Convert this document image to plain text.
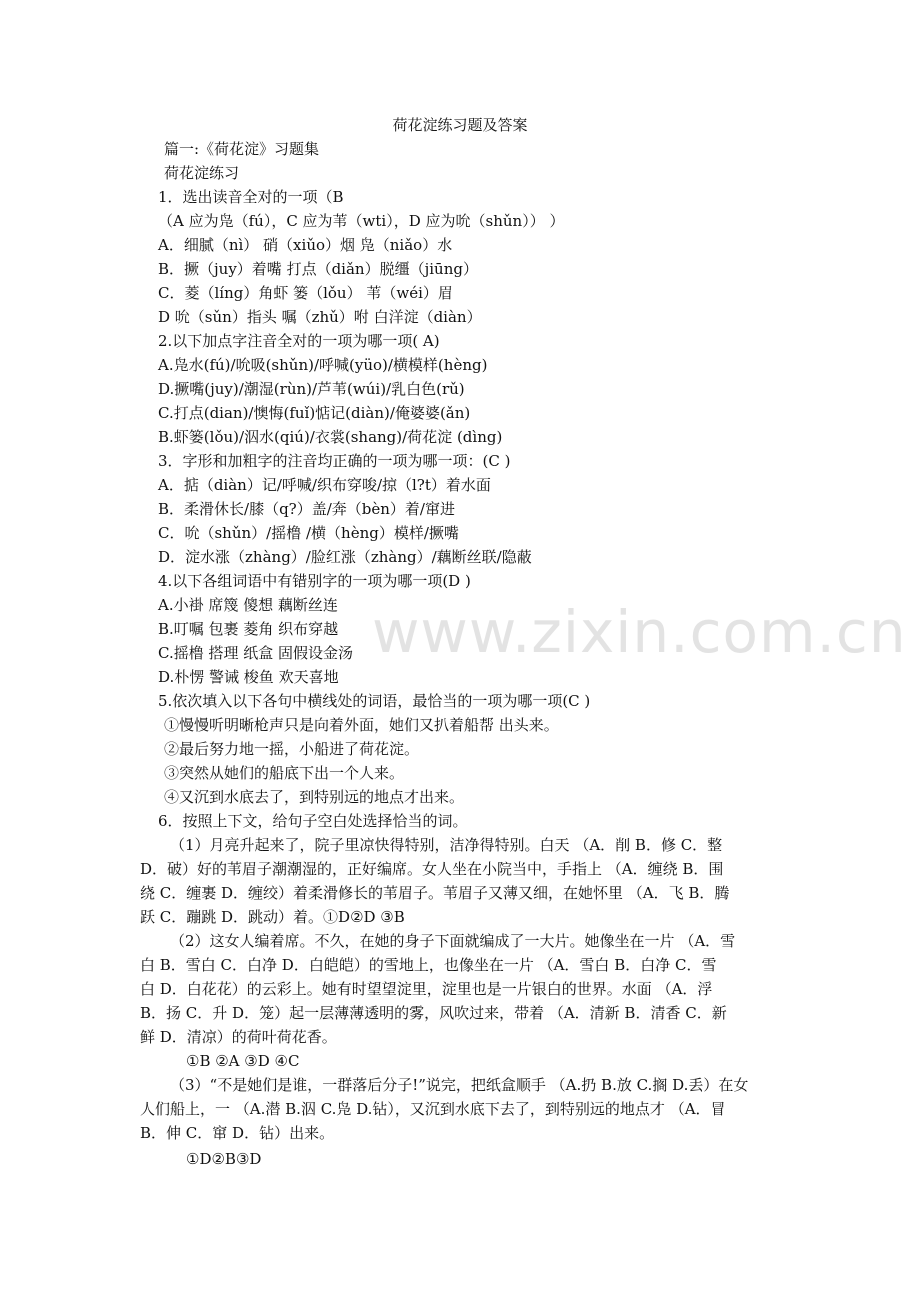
荷花淀练习题及答案
www.zixin.com.cn
篇一:《荷花淀》习题集
荷花淀练习
1．选出读音全对的一项（B
（A 应为凫（fú），C 应为苇（wti），D 应为吮（shǔn）） ）
A．细腻（nì） 硝（xiǔo）烟 凫（niǎo）水
B．撅（juy）着嘴 打点（diǎn）脱缰（jiūng）
C．菱（líng）角虾 篓（lǒu） 苇（wéi）眉
D 吮（sǔn）指头 嘱（zhǔ）咐 白洋淀（diàn）
2.以下加点字注音全对的一项为哪一项( A)
A.凫水(fú)/吮吸(shǔn)/呼喊(yüo)/横模样(hèng)
D.撅嘴(juy)/潮湿(rùn)/芦苇(wúi)/乳白色(rǔ)
C.打点(dian)/懊悔(fuǐ)惦记(diàn)/俺婆婆(ǎn)
B.虾篓(lǒu)/泅水(qiú)/衣裳(shang)/荷花淀 (dìng)
3．字形和加粗字的注音均正确的一项为哪一项：(C )
A．掂（diàn）记/呼喊/织布穿唆/掠（l?t）着水面
B．柔滑休长/膝（q?）盖/奔（bèn）着/窜进
C．吮（shǔn）/摇橹 /横（hèng）模样/撅嘴
D．淀水涨（zhàng）/脸红涨（zhàng）/藕断丝联/隐蔽
4.以下各组词语中有错别字的一项为哪一项(D )
A.小褂 席篾 傻想 藕断丝连
B.叮嘱 包裹 菱角 织布穿越
C.摇橹 搭理 纸盒 固假设金汤
D.朴愣 警诫 梭鱼 欢天喜地
5.依次填入以下各句中横线处的词语，最恰当的一项为哪一项(C )
①慢慢听明晰枪声只是向着外面，她们又扒着船帮 出头来。
②最后努力地一摇，小船进了荷花淀。
③突然从她们的船底下出一个人来。
④又沉到水底去了，到特别远的地点才出来。
6．按照上下文，给句子空白处选择恰当的词。
（1）月亮升起来了，院子里凉快得特别，洁净得特别。白天 （A．削 B．修 C．整
D．破）好的苇眉子潮潮湿的，正好编席。女人坐在小院当中，手指上 （A．缠绕 B．围
绕 C．缠裹 D．缠绞）着柔滑修长的苇眉子。苇眉子又薄又细，在她怀里 （A．飞 B．腾
跃 C．蹦跳 D．跳动）着。①D②D ③B
（2）这女人编着席。不久，在她的身子下面就编成了一大片。她像坐在一片 （A．雪
白 B．雪白 C．白净 D．白皑皑）的雪地上，也像坐在一片 （A．雪白 B．白净 C．雪
白 D．白花花）的云彩上。她有时望望淀里，淀里也是一片银白的世界。水面 （A．浮
B．扬 C．升 D．笼）起一层薄薄透明的雾，风吹过来，带着 （A．清新 B．清香 C．新
鲜 D．清凉）的荷叶荷花香。
①B ②A ③D ④C
（3）“不是她们是谁，一群落后分子!”说完，把纸盒顺手 （A.扔 B.放 C.搁 D.丢）在女
人们船上，一 （A.潜 B.泅 C.凫 D.钻），又沉到水底下去了，到特别远的地点才 （A．冒
B．伸 C．窜 D．钻）出来。
①D②B③D
